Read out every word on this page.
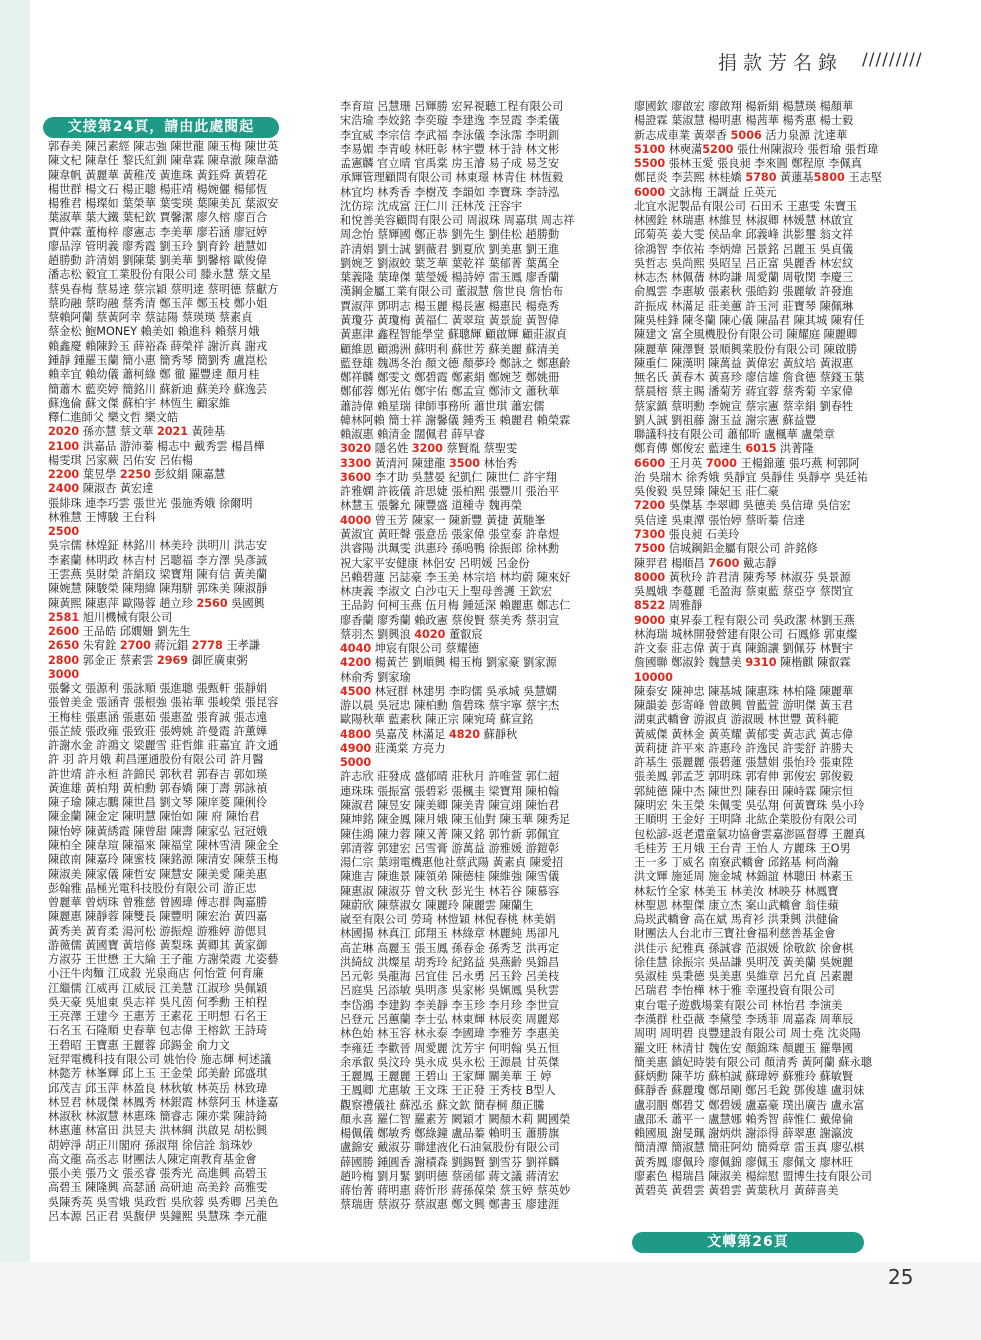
捐款芳名錄 /////////
郭春美 陳呂素經 陳志強 陳世龍 陳玉梅 陳世英
陳文杞 陳韋任 黎氏紅釧 陳韋霖 陳韋澈 陳韋澔
陳韋帆 黃麗華 黃稚茂 黃進珠 黃鈺舜 黃碧花
楊世群 楊文石 楊正聰 楊莊靖 楊婉儷 楊郁恆
楊雅君 楊璨如 葉榮華 葉雯瑛 葉陳美瓦 葉淑安
葉淑華 葉大鐵 葉杞欽 賈馨潔 廖久榕 廖百合
賈仲霖 董梅梓 廖憲志 李美華 廖若涵 廖冠婷
廖品淳 管明義 廖秀霞 劉玉玲 劉育鈴 趙慧如
趙勝動 許清娟 劉陳葉 劉美華 劉馨榕 歐俊偉
潘志松 毅宜工業股份有限公司 滕永慧 蔡文星
蔡吳春梅 蔡易達 蔡宗穎 蔡明達 蔡明德 蔡獻方
蔡昀融 蔡昀融 蔡秀清 鄭玉萍 鄭玉枝 鄭小姐
蔡賴阿蘭 蔡黃阿幸 蔡誌陽 蔡瑛瑛 蔡素貞
蔡金松 鮑MONEY 賴美如 賴進科 賴蔡月娥
賴鑫慶 賴陳鈴玉 薛裕森 薛榮祥 謝沂真 謝戎
鍾靜 鍾羅玉蘭 簡小惠 簡秀琴 簡劉秀 盧崑松
賴幸宜 賴幼儀 蕭柯綠 鄭 徹 羅豐達 顏月桂
簡蕭木 藍奕婷 簡銘川 蘇新迪 蘇美玲 蘇逸芸
蘇逸倫 蘇文傑 蘇柏宇 林恆生 顧家維
釋仁進師父 樂文哲 樂文皓
2020 孫亦慧 蔡文華 2021 黃陸基
2100 洪嘉品 游沛蓁 楊志中 戴秀雲 楊昌樺
楊雯琪 呂家蕨 呂佑安 呂佑楊
2200 葉昱學 2250 彭紋絹 陳嘉慧
2400 陳淑杏 黃宏達
張緋珠 連李巧雲 張世光 張施秀娥 徐爾明
林雅慧 王博駿 王台科
2500
吳宗儒 林煌鉦 林銘川 林美玲 洪明川 洪志安
李素蘭 林明政 林吉村 呂聰福 李方澤 吳彥誠
王雲燕 吳財榮 許絹玟 梁寶翔 陳有信 黃美蘭
陳婉慧 陳駿榮 陳翔緯 陳翔駢 郭珠美 陳淑靜
陳黃熙 陳惠萍 歐陽蓉 趙立珍 2560 吳國興
2581 旭川機械有限公司
2600 王品皓 邱嫺姍 劉先生
2650 朱宥銓 2700 蔣沅錩 2778 王孝謙
2800 郭金正 蔡素雲 2969 御匠廣東粥
3000
張馨文 張源利 張詠順 張進聰 張甄軒 張靜娟
張曾美金 張涵青 張根強 張祐華 張峻榮 張昆容
王梅桂 張惠涵 張惠茹 張惠盈 張育誠 張志遠
張芷綾 張政雍 張致莊 張娉姚 許曼霞 許薰嬅
許謝水金 許鴻文 梁麗雪 莊哲維 莊嘉宜 許文通
許 羽 許月娥 莉昌運通股份有限公司 許月醫
許世靖 許永桓 許錦民 郭秋君 郭春吉 郭如瑛
黃進雄 黃柏翔 黃柏勳 郭春嬌 陳丁壽 郭詠禎
陳子瑜 陳志鵬 陳世昌 劉文琴 陳庠菱 陳俐伶
陳金蘭 陳金定 陳明慧 陳怡如 陳 府 陳怡君
陳怡婷 陳黃綉霞 陳曾甜 陳壽 陳家弘 冠冠娥
陳柏全 陳韋瑄 陳福來 陳福堂 陳林雪清 陳金全
陳啟南 陳嘉玲 陳蜜枝 陳銘源 陳清安 陳蔡玉梅
陳淑美 陳家儀 陳哲安 陳慧安 陳美愛 陳美惠
彭翰雅 晶極光電科技股份有限公司 游正忠
曾麗華 曾炳珠 曾雅慈 曾國瑋 傅志群 陶嘉勝
陳麗惠 陳靜蓉 陳雙長 陳豐明 陳宏治 黃四嘉
黃秀美 黃育柔 湯河松 游振煌 游雅婷 游偲貝
游薇儒 黃國寶 黃培修 黃梨珠 黃卿其 黃家御
方淑芬 王世懋 王大綸 王子龍 方謝榮霞 尤姿藝
小汪牛肉麵 江成殺 光泉商店 何怡萱 何育廉
江繼儒 江威再 江威辰 江美慧 江淑珍 吳佩穎
吳天豪 吳旭東 吳志祥 吳凡茵 何季勳 王柏程
王亮澤 王建今 王惠芳 王素花 王明想 石名王
石名玉 石隆順 史春華 包志偉 王榕欽 王詩琦
王碧昭 王寶惠 王麗蓉 邱錫金 俞力文
冠羿電機科技有限公司 姚怡伶 施志輝 柯述議
林懿芳 林峯輝 邱上玉 王金榮 邱美齡 邱盛琪
邱茂吉 邱玉萍 林盈良 林秋敏 林英岳 林致瑋
林昱君 林晟傑 林鳳秀 林銀霞 林蔡阿玉 林逢嘉
林淑秋 林淑慧 林惠珠 簡睿志 陳亦棠 陳詩錡
林惠蓮 林富田 洪昱夫 洪林綢 洪啟晃 胡松興
胡婷淨 胡正川閣府 孫淑翔 徐信詮 翁珠妙
高文龍 高丞志 財團法人陳定南教育基金會
張小美 張乃文 張丞睿 張秀光 高進興 高碧玉
高碧玉 陳隆興 高瑟涵 高研迪 高美鈴 高雅雯
吳陳秀英 吳雪娥 吳政哲 吳欣蓉 吳秀卿 呂美色
呂本源 呂正君 吳馥伊 吳鐘熙 吳慧珠 李元龍
李育瑄 呂慧珊 呂輝勝 宏昇視聽工程有限公司
宋浩瑜 李姣銘 李奕璇 李建逸 李昱霞 李柔儀
李宜威 李宗信 李武福 李泳儀 李泳霈 李明釧
李易媚 李青峻 林旺彰 林宇豐 林于詩 林文彬
孟憲麟 官立晴 官禹棠 房玉濬 易子成 易芝安
承輝管理顧問有限公司 林東璟 林青住 林恆毅
林宜均 林秀香 李樹茂 李韻如 李寶珠 李詩泓
沈仿琮 沈成富 汪仁川 汪林茂 汪容宇
和悅善美容顧問有限公司 周淑珠 周嘉琪 周志祥
周念怡 蔡輝國 鄭正恭 劉先生 劉佳松 趙勝動
許清娟 劉士誠 劉薇君 劉夏欣 劉美惠 劉王進
劉婉芝 劉淑蛟 葉芝華 葉乾祥 葉郁菁 葉萬全
葉義隆 葉瑋傑 葉瑩媛 楊詩婷 雷玉鳳 廖香蘭
漢鋼金屬工業有限公司 董淑慧 詹世良 詹怡布
賈淑萍 鄧明志 楊玉麗 楊長憲 楊惠民 楊堯秀
黃瓊芬 黃瓊梅 黃福仁 黃翠瑄 黃景旋 黃智偉
黃惠津 鑫程智能學堂 蘇聰輝 顧啟輝 顧莊淑貞
顧維恩 顧鴻洲 蘇明利 蘇世芳 蘇美麗 蘇清美
藍登雄 魏馮冬治 顏文德 顏夢玲 鄭詠之 鄭惠齡
鄭祥麟 鄭雯文 鄭碧霞 鄭素絹 鄭婉芝 鄭姚冊
鄭郁蓉 鄭光佑 鄭宇佑 鄭孟宣 鄭沛文 蕭秋華
蕭詩偉 賴星瑞 律師事務所 蕭世琪 蕭宏儒
韓林阿賴 簡士祥 謝馨儀 鍾秀玉 賴麗君 賴榮霖
賴淑惠 賴清金 闊佩君 薛早睿
3020 隱名姓 3200 蔡賢胤 蔡聖雯
3300 黃清河 陳建龍 3500 林怡秀
3600 李才助 吳慧晏 紀凱仁 陳世仁 許宇翔
許雅嫻 許筱儀 許思婕 張柏熙 張豐川 張治平
林慧玉 張馨允 陳豐盛 道種寺 魏再榮
4000 曾玉芳 陳家一 陳新豐 黃捷 黃馳峯
黃淑宜 黃旺聲 張意岳 張家偉 張堂泰 許韋煜
洪睿陽 洪珮雯 洪惠玲 孫嗚鴨 徐振郎 徐林勳
祝大家平安健康 林侶安 呂明媛 呂金份
呂賴碧蓮 呂誌豪 李玉美 林宗培 林均蔚 陳來好
林庚義 李淑文 白沙屯天上聖母善護 王欽宏
王品鈞 何柯玉燕 伍月梅 鍾延深 賴麗惠 鄭志仁
廖香蘭 廖秀蘭 賴政憲 蔡俊賢 蔡美秀 蔡羽宣
蔡羽杰 劉興浪 4020 董叡宸
4040 坤宸有限公司 蔡耀德
4200 楊黃芒 劉順興 楊玉梅 劉家豪 劉家源
林俞秀 劉家瑜
4500 林冠群 林建男 李昀儒 吳承城 吳慧嫻
游以晨 吳冠忠 陳柏勳 詹碧珠 蔡宇寧 蔡宇杰
歐陽秋華 藍素秋 陳正宗 陳宛琦 蘇宣銘
4800 吳嘉茂 林滿足 4820 蘇靜秋
4900 莊漢棠 方亮力
5000
許志欣 莊發成 盛郁晴 莊秋月 許唯萱 郭仁超
連珠珠 張振富 張碧彩 張楓圭 梁寶翔 陳柏翰
陳淑君 陳昱安 陳美卿 陳美青 陳宣翊 陳怡君
陳坤銘 陳金鳳 陳月娥 陳玉仙對 陳玉華 陳秀足
陳佳鴻 陳力蓉 陳又菁 陳又銘 郭竹新 郭佩宜
郭清蓉 郭建宏 呂雪膏 游萬益 游雅媛 游鎧彰
湯仁宗 葉翊電機惠他社蔡武陽 黃素貞 陳愛招
陳進吉 陳進景 陳領弟 陳德桂 陳維強 陳雪儀
陳惠淑 陳淑芬 曾文秋 彭光生 林若谷 陳慕容
陳蔚欣 陳蔡淑女 陳麗玲 陳麗雲 陳蘭生
崴至有限公司 勞琦 林愷穎 林倪春桃 林美娟
林國揚 林真江 邱翔玉 林綠章 林麗純 馬卻凡
高芷琳 高麗玉 張玉鳳 孫春金 孫秀芝 洪再定
洪綺紋 洪燦星 胡秀玲 紀銘益 吳燕齡 吳錦昌
呂元彰 吳龍海 呂宜佳 呂永勇 呂玉鈴 呂美枝
呂庭吳 呂添敏 吳明彥 吳家彬 吳姵鳳 吳秋雲
李岱鴻 李建鈞 李美靜 李玉珍 李月珍 李世宣
呂登元 呂蕙蘭 李士弘 林東輝 林辰奕 周麗郑
林色始 林玉容 林永泰 李國瑋 李雅芳 李惠美
李雍廷 李歡晉 周愛麗 沈芳宇 何明翰 吳五恒
余承叡 吳汶玲 吳永成 吳永松 王源晨 甘英傑
王麗鳳 王麗麗 王碧山 王家輝 關美華 王 婷
王鳳卿 尤惠敏 王文珠 王正發 王秀枝 B型人
觀察禮儀社 蘇泓丞 蘇文欽 簡春桐 顏正騰
顏永喜 羅仁智 羅素芳 闕穎才 闕顏木莉 闕國榮
楊佩儀 鄭敏秀 鄭綠鐘 盧品蓁 賴明玉 蕭勝旗
盧錦安 戴淑芬 聯建液化石油氣股份有限公司
薛國勝 鍾圓香 謝積森 劉錫賢 劉雪芬 劉祥麟
趙吟梅 劉月緊 劉明德 蔡函郁 蔣文議 蔣清宏
蔣怡菁 蔣明惠 蔣忻形 蔣孫葆榮 蔡玉婷 蔡英妙
蔡瑞唐 蔡淑芬 蔡淑惠 鄭文興 鄭書玉 廖建涯
廖國欽 廖啟宏 廖啟翔 楊新絹 楊慧瑛 楊顏華
楊證霖 葉淑慧 楊明惠 楊茜華 楊秀惠 楊士毅
新志成車業 黃翠香 5006 活力泉源 沈達華
5100 林奭滿5200 張仕州陳淑玲 張哲瑜 張哲瑋
5500 張林玉愛 張良昶 李來圓 鄭程原 李佩真
鄭昆炎 李芸熙 林桂嬌 5780 黃蓮基5800 王志堅
6000 文詠梅 王調益 丘英元
北宜水泥製品有限公司 石田禾 王惠雯 朱寶玉
林國銓 林瑞惠 林維昱 林淑卿 林媛慧 林啟宜
邱菊英 姜大雯 侯品傘 邱義峰 洪影璽 翁文祥
徐鴻智 李依祐 李炳煒 呂景銘 呂麗玉 吳貞儀
吳哲志 吳尚熙 吳昭呈 吕正富 吳麗香 林宏紋
林志杰 林佩蒨 林昀謙 周愛蘭 周敬閔 李慶三
俞鳳雲 李惠敏 張素秋 張皓鈞 張麗敏 許發進
許振成 林滿足 莊美蕙 許玉河 莊寶琴 陳佩琳
陳吳桂鋒 陳冬蘭 陳心儀 陳晶君 陳其城 陳宥任
陳建文 富全風機股份有限公司 陳耀庭 陳麗卿
陳麗華 陳澤賢 景順興業股份有限公司 陳啟勝
陳重仁 陳漢明 陳萬益 黃偉宏 黃紋培 黃淑惠
無名氏 黃春木 黃喜珍 廖信雄 詹食德 蔡錢玉葉
蔡晨榕 蔡主賜 潘菊芳 蔣宜蓉 蔡秀菊 辛家偉
蔡家鎮 蔡明勳 李婉宣 蔡宗憲 蔡幸絹 劉春牲
劉人誠 劉祖藤 謝玉益 謝宗憲 蘇益豐
聯議科技有限公司 蕭郁昕 盧楓華 盧榮章
鄭育傳 鄭俊宏 藍達生 6015 洪菁隆
6600 王月英 7000 王楊錦蓮 張巧燕 柯郭阿
治 吳瑞木 徐秀娥 吳靜宜 吳靜佳 吳靜亭 吳廷祐
吳俊毅 吳昱臻 陳妃玉 莊仁豪
7200 吳傑基 李翠卿 吳德美 吳信瑋 吳信宏
吳信達 吳東潭 張怡婷 蔡昕蓁 信達
7300 張良昶 石美玲
7500 信城鋼鋁金屬有限公司 許銘修
陳羿君 楊順昌 7600 戴志靜
8000 黃秋玲 許君清 陳秀琴 林淑芬 吳景源
吳鳳娥 李蔓麗 毛盈海 蔡東藍 蔡亞亨 蔡閔宜
8522 周雅靜
9000 東昇泰工程有限公司 吳政潔 林劉玉燕
林海瑞 城林開發營建有限公司 石鳳修 郭東燦
許文泰 莊志偉 黃于真 陳錦讓 劉佩芬 林賢宇
詹國聯 鄭淑鈴 魏慧美 9310 陳楷麒 陳叡霖
10000
陳泰安 陳神忠 陳基城 陳惠珠 林柏隆 陳麗華
陳韻姜 彭寄峰 曾啟興 曾藍萱 游明傑 黃玉君
湖東武轎會 游淑貞 游淑暖 林世豐 黃科範
黃威傑 黃林金 黃英耀 黃郁雯 黃志武 黃志偉
黃莉捷 許平來 許惠玲 許逸民 許雯舒 許勝夫
許基生 張麗麗 張碧蓮 張慧娟 張怡玲 張東陞
張美鳳 郭孟芝 郭明珠 郭宥伸 郭俊宏 郭俊毅
郭純德 陳中杰 陳世烈 陳春田 陳峙霖 陳宗恒
陳明宏 朱玉榮 朱佩雯 吳弘翔 何黃寶珠 吳小玲
王順明 王金好 王明降 北紘企業股份有限公司
包松諺-返老還童氣功協會雲嘉澎區督導 王麗真
毛桂芳 王月娥 王台青 王怡人 方麗珠 王O男
王一多 丁威名 南寮武轎會 邱銘基 柯尚瀚
洪文輝 施延周 施金城 林錦誼 林聰田 林素玉
林耘竹全家 林美玉 林美汝 林映芬 林鳳寶
林聖恩 林聖傑 康立杰 案山武轎會 翁佳蘋
烏崁武轎會 高在斌 馬育衫 洪秉興 洪健倫
財團法人台北市三寶社會福利慈善基金會
洪佳示 紀雅真 孫誠睿 范淑媛 徐敬欽 徐會棋
徐佳慧 徐振宗 吳品謙 吳明茂 黃美蘭 吳婉麗
吳淑桂 吳秉德 吳美惠 吳維章 呂允貞 呂素麗
呂瑞君 李怡樺 林于雅 幸運投資有限公司
東台電子遊戲場業有限公司 林怡君 李演美
李漢群 杜亞薇 李黛瑩 李琇菲 周嘉森 周華辰
周明 周明碧 良豐建設有限公司 周士堯 沈炎陽
羅文旺 林清甘 魏佐安 顏錦珠 顏麗玉 羅舉國
簡美惠 鎮妃時裝有限公司 顏清秀 黃阿蘭 蘇永聰
蘇炳勳 陳芊坊 蘇柏誠 蘇瑋婷 蘇雅玲 蘇敏賢
蘇靜香 蘇麗瓊 鄭昂剛 鄭呂毛銳 鄧俊雄 盧羽妹
盧羽胭 鄭碧艾 鄭碧媛 盧嘉豪 璞出廣告 盧永富
盧邵禾 蕭平一 盧慧娜 賴秀智 薛惟仁 戴偉倫
賴國風 謝旻珮 謝炳烘 謝添得 薛翠惠 謝瀛波
簡清潭 簡淑慧 簡莊阿幼 簡舜章 雷玉真 廖弘棋
黃秀鳳 廖佩玲 廖佩錦 廖佩玉 廖佩文 廖林旺
廖素色 楊瑞昌 陳淑美 楊綜慰 盟博生技有限公司
黃碧英 黃碧雲 黃碧雲 黃葉秋月 黃薛喜美
文接第24頁，請由此處閱起
文轉第26頁
25
